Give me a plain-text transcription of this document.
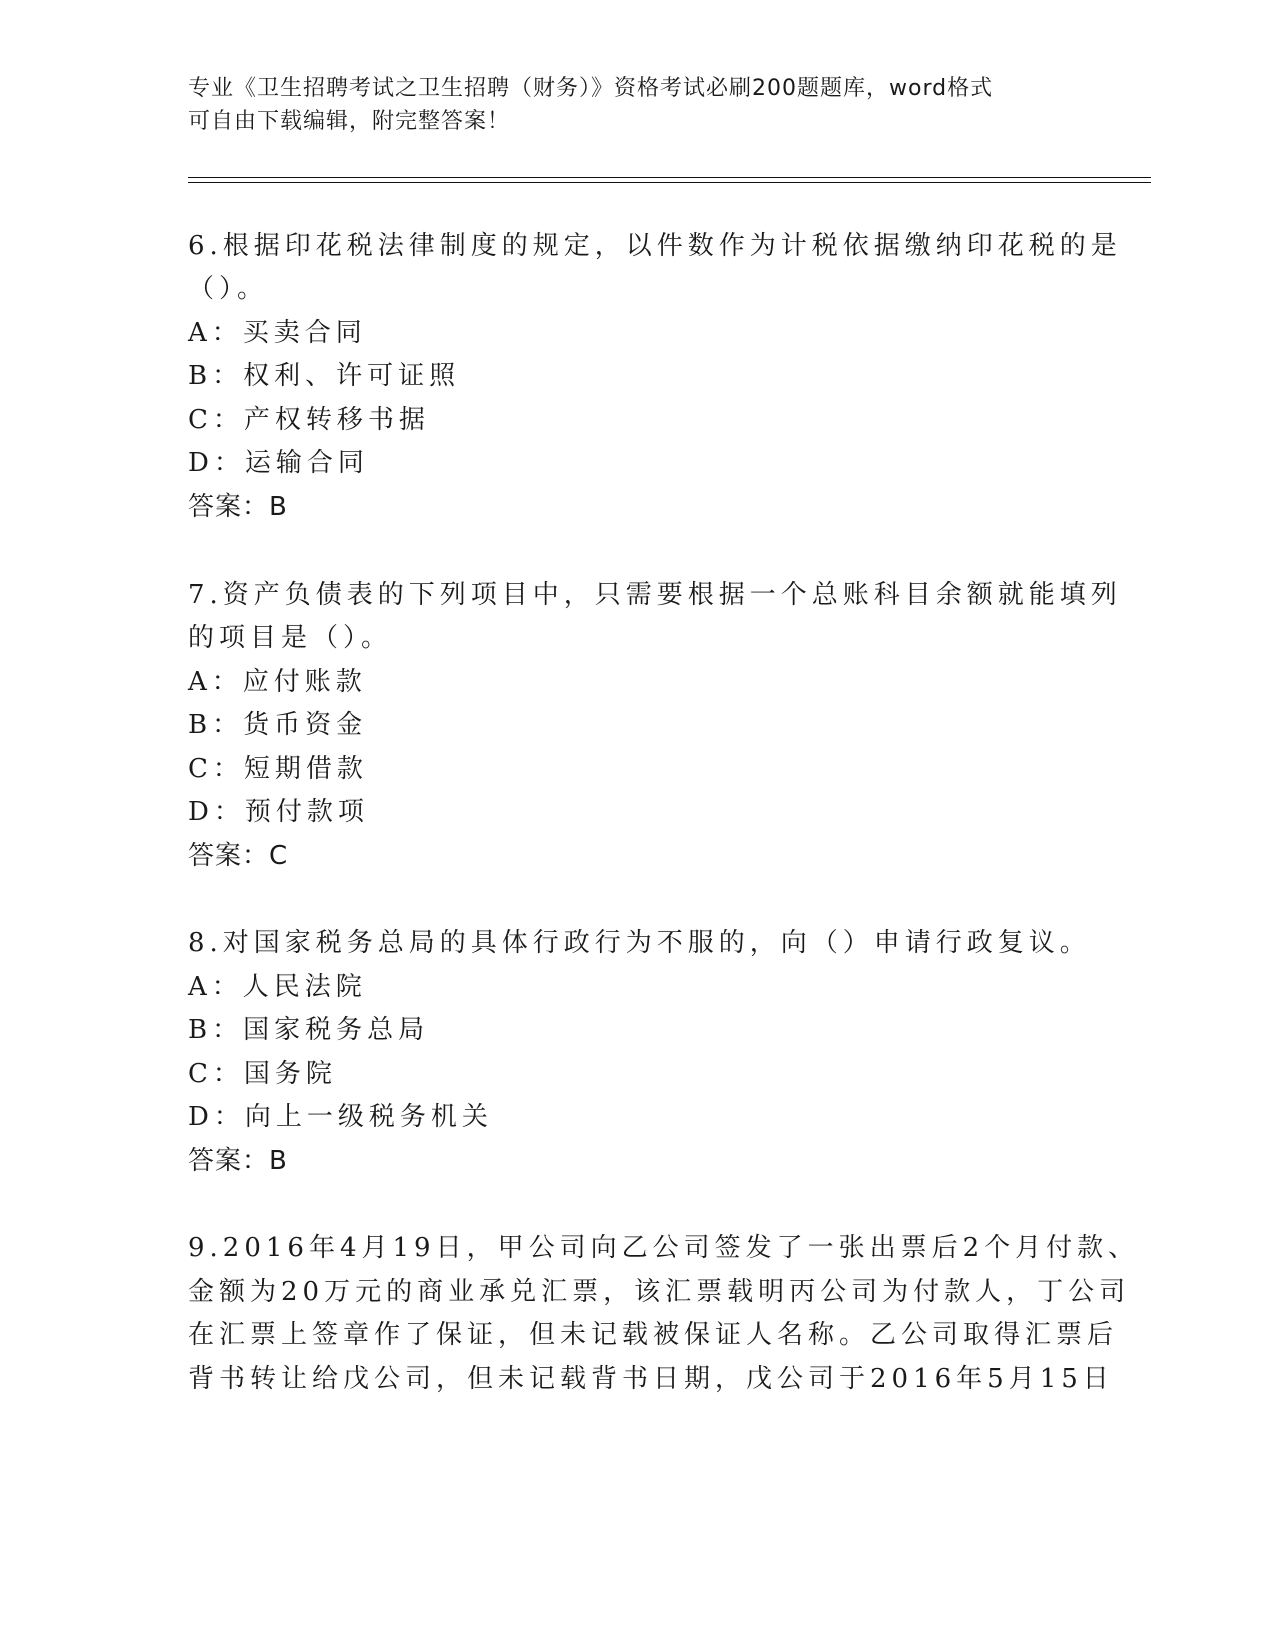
专业《卫生招聘考试之卫生招聘（财务）》资格考试必刷200题题库，word格式
可自由下载编辑，附完整答案！
6.根据印花税法律制度的规定，以件数作为计税依据缴纳印花税的是
（）。
A：买卖合同
B：权利、许可证照
C：产权转移书据
D：运输合同
答案：B
7.资产负债表的下列项目中，只需要根据一个总账科目余额就能填列
的项目是（）。
A：应付账款
B：货币资金
C：短期借款
D：预付款项
答案：C
8.对国家税务总局的具体行政行为不服的，向（）申请行政复议。
A：人民法院
B：国家税务总局
C：国务院
D：向上一级税务机关
答案：B
9.2016年4月19日，甲公司向乙公司签发了一张出票后2个月付款、
金额为20万元的商业承兑汇票，该汇票载明丙公司为付款人，丁公司
在汇票上签章作了保证，但未记载被保证人名称。乙公司取得汇票后
背书转让给戊公司，但未记载背书日期，戊公司于2016年5月15日
